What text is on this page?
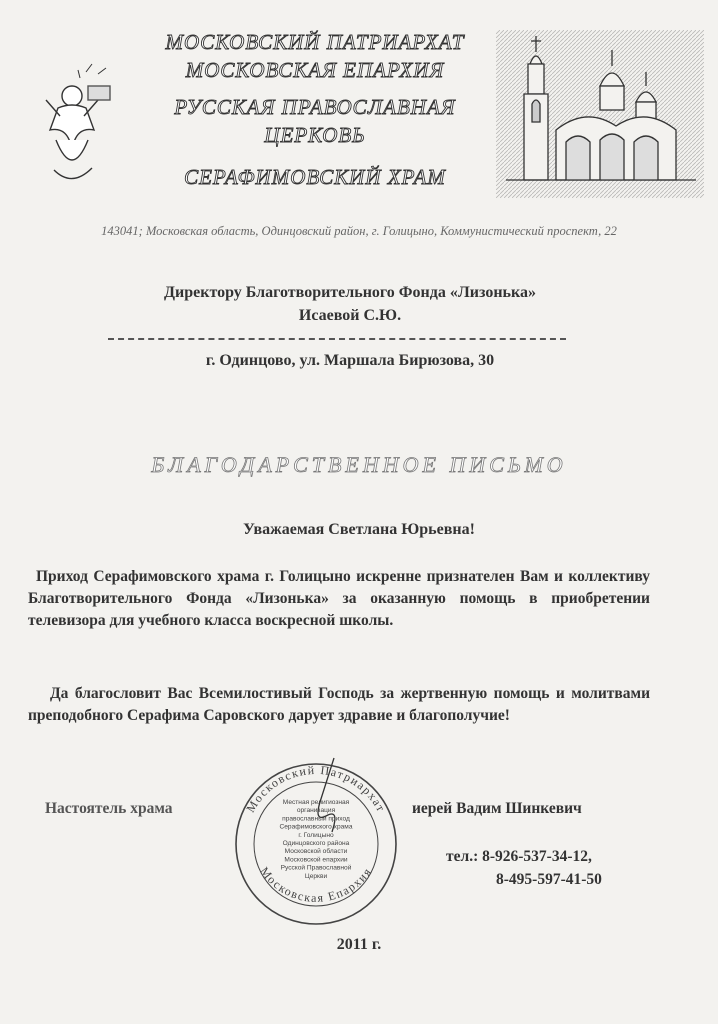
МОСКОВСКИЙ ПАТРИАРХАТ
МОСКОВСКАЯ ЕПАРХИЯ
РУССКАЯ ПРАВОСЛАВНАЯ
ЦЕРКОВЬ
СЕРАФИМОВСКИЙ ХРАМ
143041; Московская область, Одинцовский район, г. Голицыно, Коммунистический проспект, 22
Директору Благотворительного Фонда «Лизонька»
Исаевой С.Ю.
г. Одинцово, ул. Маршала Бирюзова, 30
БЛАГОДАРСТВЕННОЕ ПИСЬМО
Уважаемая Светлана Юрьевна!
Приход Серафимовского храма г. Голицыно искренне признателен Вам и коллективу Благотворительного Фонда «Лизонька» за оказанную помощь в приобретении телевизора для учебного класса воскресной школы.
Да благословит Вас Всемилостивый Господь за жертвенную помощь и молитвами преподобного Серафима Саровского дарует здравие и благополучие!
Настоятель храма	иерей Вадим Шинкевич
тел.: 8-926-537-34-12,
8-495-597-41-50
Московский Патриархат
Московская Епархия
Местная религиозная
организация
православный приход
Серафимовского храма
г. Голицыно
Одинцовского района
Московской области
Московской епархии
Русской Православной
Церкви
2011 г.
